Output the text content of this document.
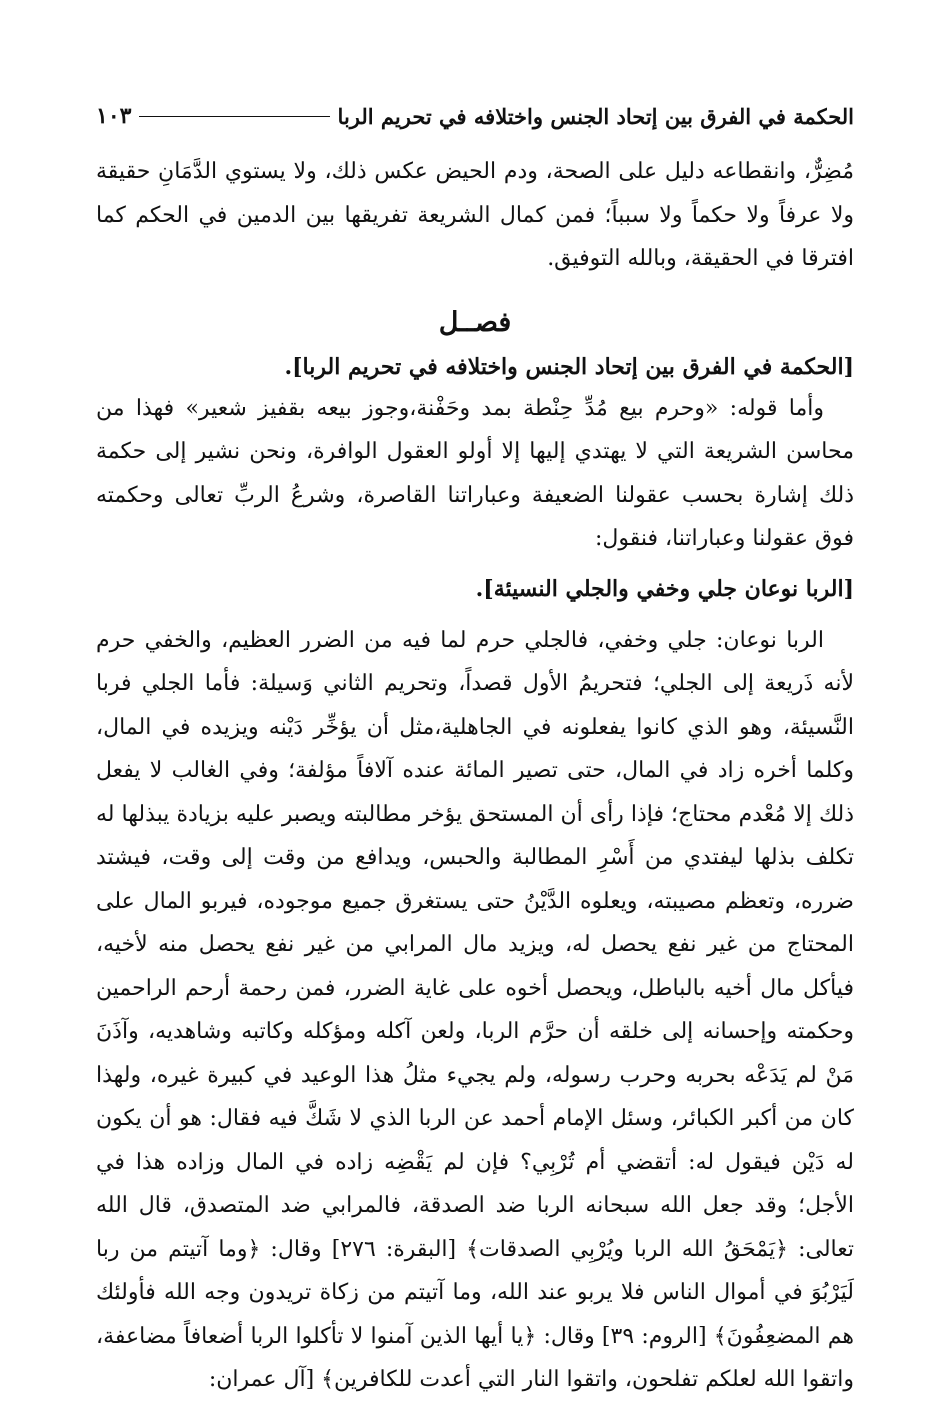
الحكمة في الفرق بين إتحاد الجنس واختلافه في تحريم الربا
١٠٣

مُضِرٌّ، وانقطاعه دليل على الصحة، ودم الحيض عكس ذلك، ولا يستوي الدَّمَانِ حقيقة ولا عرفاً ولا حكماً ولا سبباً؛ فمن كمال الشريعة تفريقها بين الدمين في الحكم كما افترقا في الحقيقة، وبالله التوفيق.

فصــل
[الحكمة في الفرق بين إتحاد الجنس واختلافه في تحريم الربا].

وأما قوله: «وحرم بيع مُدِّ حِنْطة بمد وحَفْنة،وجوز بيعه بقفيز شعير» فهذا من محاسن الشريعة التي لا يهتدي إليها إلا أولو العقول الوافرة، ونحن نشير إلى حكمة ذلك إشارة بحسب عقولنا الضعيفة وعباراتنا القاصرة، وشرعُ الربِّ تعالى وحكمته فوق عقولنا وعباراتنا، فنقول:

[الربا نوعان جلي وخفي والجلي النسيئة].

الربا نوعان: جلي وخفي، فالجلي حرم لما فيه من الضرر العظيم، والخفي حرم لأنه ذَريعة إلى الجلي؛ فتحريمُ الأول قصداً، وتحريم الثاني وَسيلة: فأما الجلي فربا النَّسيئة، وهو الذي كانوا يفعلونه في الجاهلية،مثل أن يؤخِّر دَيْنه ويزيده في المال، وكلما أخره زاد في المال، حتى تصير المائة عنده آلافاً مؤلفة؛ وفي الغالب لا يفعل ذلك إلا مُعْدم محتاج؛ فإذا رأى أن المستحق يؤخر مطالبته ويصبر عليه بزيادة يبذلها له تكلف بذلها ليفتدي من أَسْرِ المطالبة والحبس، ويدافع من وقت إلى وقت، فيشتد ضرره، وتعظم مصيبته، ويعلوه الدَّيْنُ حتى يستغرق جميع موجوده، فيربو المال على المحتاج من غير نفع يحصل له، ويزيد مال المرابي من غير نفع يحصل منه لأخيه، فيأكل مال أخيه بالباطل، ويحصل أخوه على غاية الضرر، فمن رحمة أرحم الراحمين وحكمته وإحسانه إلى خلقه أن حرَّم الربا، ولعن آكله ومؤكله وكاتبه وشاهديه، وآذَنَ مَنْ لم يَدَعْه بحربه وحرب رسوله، ولم يجيء مثلُ هذا الوعيد في كبيرة غيره، ولهذا كان من أكبر الكبائر، وسئل الإمام أحمد عن الربا الذي لا شَكَّ فيه فقال: هو أن يكون له دَيْن فيقول له: أتقضي أم تُرْبِي؟ فإن لم يَقْضِه زاده في المال وزاده هذا في الأجل؛ وقد جعل الله سبحانه الربا ضد الصدقة، فالمرابي ضد المتصدق، قال الله تعالى: ﴿يَمْحَقُ الله الربا ويُرْبِي الصدقات﴾ [البقرة: ٢٧٦] وقال: ﴿وما آتيتم من ربا لَيَرْبُوَ في أموال الناس فلا يربو عند الله، وما آتيتم من زكاة تريدون وجه الله فأولئك هم المضعِفُونَ﴾ [الروم: ٣٩] وقال: ﴿يا أيها الذين آمنوا لا تأكلوا الربا أضعافاً مضاعفة، واتقوا الله لعلكم تفلحون، واتقوا النار التي أعدت للكافرين﴾ [آل عمران:
